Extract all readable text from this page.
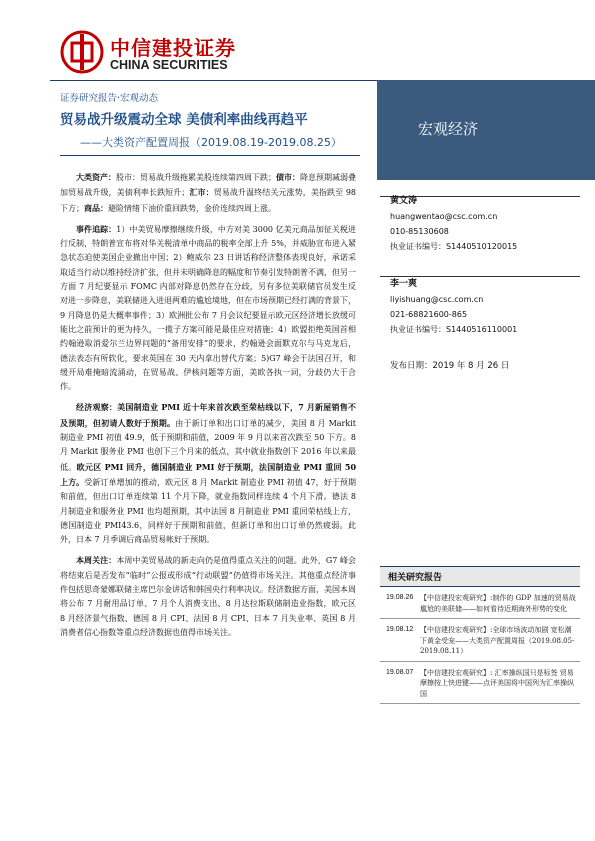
中信建投证券
CHINA SECURITIES
宏观经济
证券研究报告·宏观动态
贸易战升级震动全球 美债利率曲线再趋平
——大类资产配置周报（2019.08.19-2019.08.25）

大类资产：股市：贸易战升级拖累美股连续第四周下跌；债市：降息预期减弱叠加贸易战升级，美债利率长跌短升；汇市：贸易战升温终结关元涨势，美指跌至 98 下方；商品：避险情绪下油价重回跌势，金价连续四周上涨。

事件追踪：1）中美贸易摩擦继续升级，中方对美 3000 亿美元商品加征关税进行反制，特朗普宣布将对华关税清单中商品的税率全部上升 5%，并威胁宣布进入紧急状态迫使美国企业撤出中国；2）鲍威尔 23 日讲话称经济整体表现良好，承诺采取适当行动以维持经济扩张，但并未明确降息的幅度和节奏引发特朗普不满，但另一方面 7 月纪要显示 FOMC 内部对降息仍然存在分歧，另有多位美联储官员发生反对进一步降息，美联储进入进退两难的尴尬境地，但在市场预期已经打满的背景下，9 月降息仍是大概率事件；3）欧洲批公布 7 月会议纪要显示欧元区经济增长放缓可能比之前预计的更为持久，一揽子方案可能是最佳应对措施；4）欧盟拒绝英国首相约翰逊取消爱尔兰边界问题的“备用安排”的要求，约翰逊会面默克尔与马克龙后，德法表态有所软化，要求英国在 30 天内拿出替代方案；5)G7 峰会于法国召开，和缓开局难掩暗流涌动，在贸易战、伊核问题等方面，美欧各执一词，分歧仍大于合作。

经济观察：美国制造业 PMI 近十年来首次跌至荣枯线以下，7 月新屋销售不及预期，但初请人数好于预期。由于新订单和出口订单的减少，美国 8 月 Markit 制造业 PMI 初值 49.9，低于预期和前值，2009 年 9 月以来首次跌至 50 下方。8 月 Markit 服务业 PMI 也创下三个月来的低点，其中就业指数创下 2016 年以来最低。欧元区 PMI 回升，德国制造业 PMI 好于预期，法国制造业 PMI 重回 50 上方。受新订单增加的推动，欧元区 8 月 Markit 制造业 PMI 初值 47，好于预期和前值，但出口订单连续第 11 个月下降，就业指数同样连续 4 个月下滑。德法 8 月制造业和服务业 PMI 也均超预期，其中法国 8 月制造业 PMI 重回荣枯线上方，德国制造业 PMI43.6，同样好于预期和前值，但新订单和出口订单仍然疲弱。此外，日本 7 月季调后商品贸易帐好于预期。

本周关注：本周中美贸易战的新走向仍是值得重点关注的问题。此外，G7 峰会将结束后是否发布“临时”公报或形成“行动联盟”仍值得市场关注。其他重点经济事件包括思奇蒙娜联储主席巴尔金讲话和韩国央行利率决议。经济数据方面，美国本周将公布 7 月耐用品订单、7 月个人消费支出、8 月达拉斯联储制造业指数，欧元区 8 月经济景气指数、德国 8 月 CPI、法国 8 月 CPI、日本 7 月失业率、英国 8 月消费者信心指数等重点经济数据也值得市场关注。

黄文涛
huangwentao@csc.com.cn
010-85130608
执业证书编号：S1440510120015
李一爽
liyishuang@csc.com.cn
021-68821600-865
执业证书编号：S1440516110001
发布日期：2019 年 8 月 26 日
相关研究报告
19.08.26 【中信建投宏观研究】:制作的 GDP 加速的贸易战 尴尬的美联储——如何看待近期海外形势的变化
19.08.12 【中信建投宏观研究】:全球市场波动加剧 宽松潮下黄金受宠——大类资产配置周报（2019.08.05-2019.08.11）
19.08.07 【中信建投宏观研究】: 汇率操纵国只是标签 贸易摩擦按上快进键——点评美国将中国列为汇率操纵国
